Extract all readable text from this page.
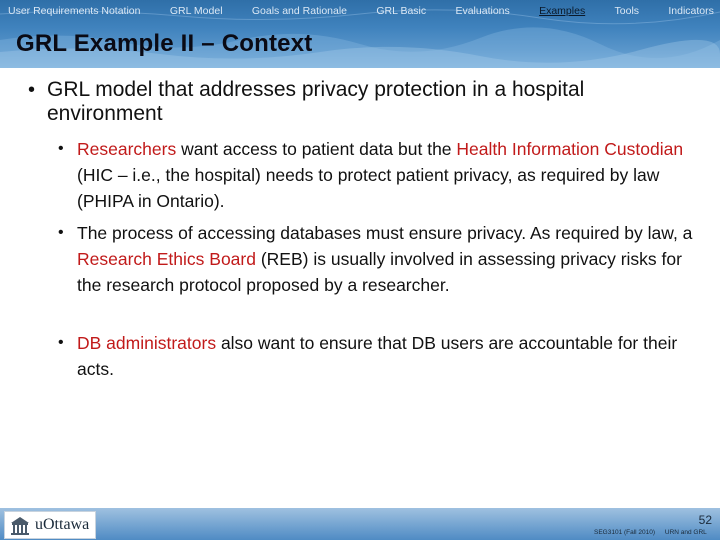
User Requirements Notation	GRL Model	Goals and Rationale	GRL Basic	Evaluations	Examples	Tools	Indicators
GRL Example II – Context
• GRL model that addresses privacy protection in a hospital environment
• Researchers want access to patient data but the Health Information Custodian (HIC – i.e., the hospital) needs to protect patient privacy, as required by law (PHIPA in Ontario).
• The process of accessing databases must ensure privacy. As required by law, a Research Ethics Board (REB) is usually involved in assessing privacy risks for the research protocol proposed by a researcher.
• DB administrators also want to ensure that DB users are accountable for their acts.
uOttawa	52
SEG3101 (Fall 2010) URN and GRL
